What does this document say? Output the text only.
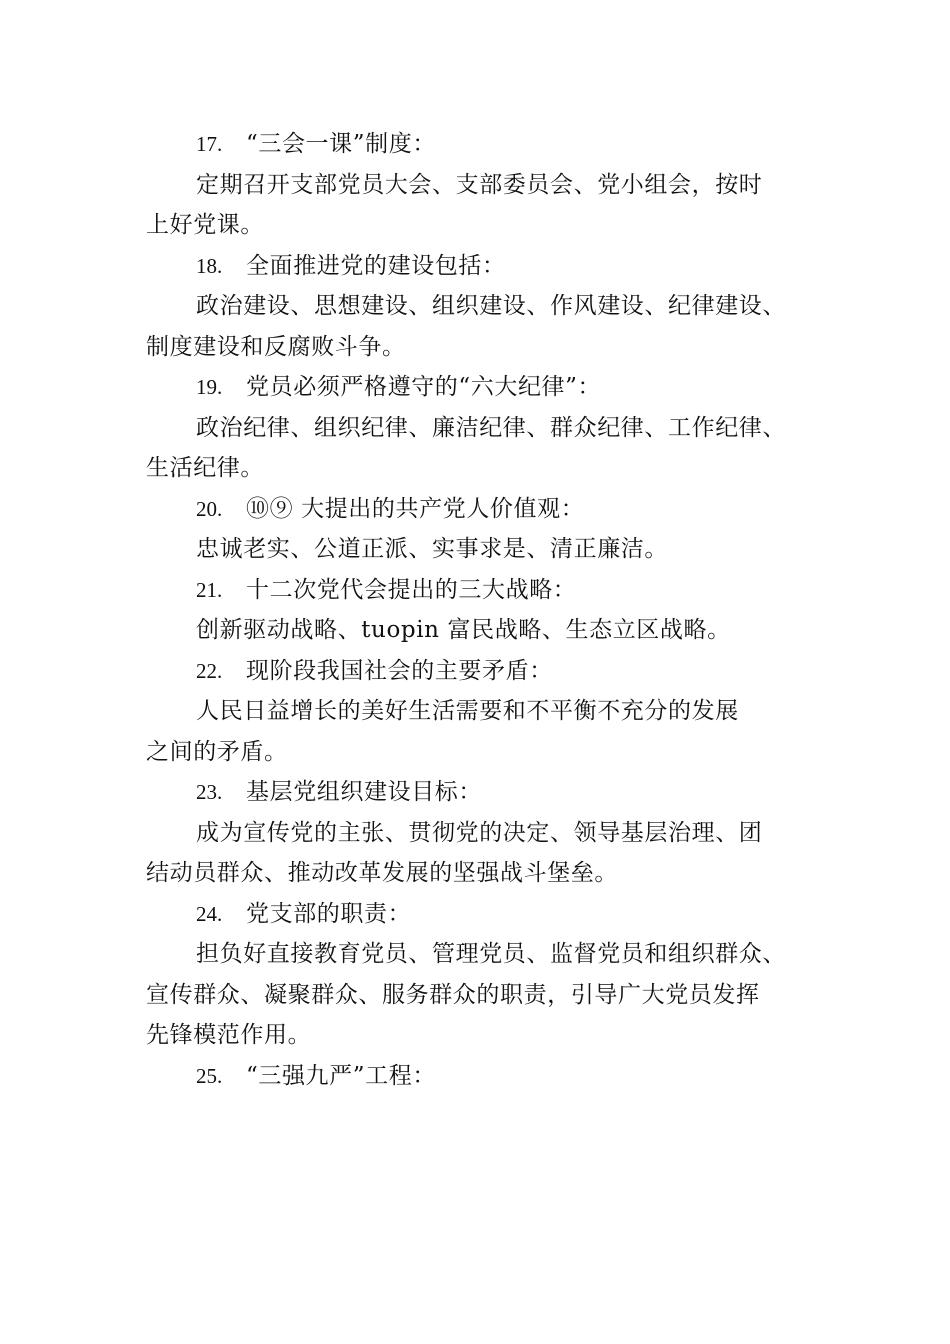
17. “三会一课”制度：
定期召开支部党员大会、支部委员会、党小组会，按时
上好党课。
18. 全面推进党的建设包括：
政治建设、思想建设、组织建设、作风建设、纪律建设、
制度建设和反腐败斗争。
19. 党员必须严格遵守的“六大纪律”：
政治纪律、组织纪律、廉洁纪律、群众纪律、工作纪律、
生活纪律。
20. ⑩⑨ 大提出的共产党人价值观：
忠诚老实、公道正派、实事求是、清正廉洁。
21. 十二次党代会提出的三大战略：
创新驱动战略、tuopin 富民战略、生态立区战略。
22. 现阶段我国社会的主要矛盾：
人民日益增长的美好生活需要和不平衡不充分的发展
之间的矛盾。
23. 基层党组织建设目标：
成为宣传党的主张、贯彻党的决定、领导基层治理、团
结动员群众、推动改革发展的坚强战斗堡垒。
24. 党支部的职责：
担负好直接教育党员、管理党员、监督党员和组织群众、
宣传群众、凝聚群众、服务群众的职责，引导广大党员发挥
先锋模范作用。
25. “三强九严”工程：
